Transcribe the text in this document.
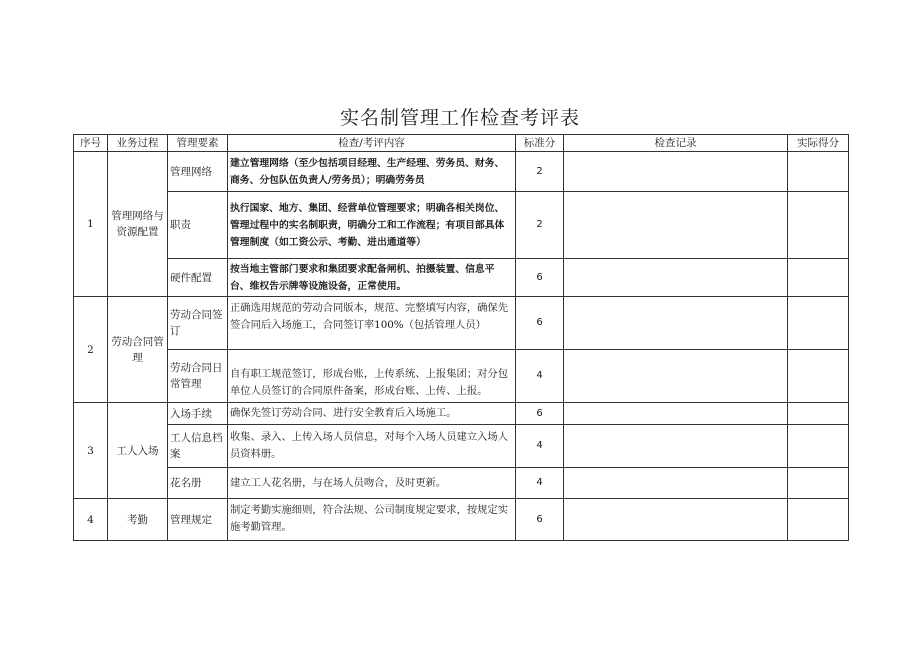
实名制管理工作检查考评表
序号	业务过程	管理要素	检查/考评内容	标准分	检查记录	实际得分
1	管理网络与资源配置	管理网络	建立管理网络（至少包括项目经理、生产经理、劳务员、财务、商务、分包队伍负责人/劳务员）；明确劳务员	2		
		职责	执行国家、地方、集团、经营单位管理要求；明确各相关岗位、管理过程中的实名制职责，明确分工和工作流程；有项目部具体管理制度（如工资公示、考勤、进出通道等）	2		
		硬件配置	按当地主管部门要求和集团要求配备闸机、拍摄装置、信息平台、维权告示牌等设施设备，正常使用。	6		
2	劳动合同管理	劳动合同签订	正确选用规范的劳动合同版本，规范、完整填写内容，确保先签合同后入场施工，合同签订率100%（包括管理人员）	6		
		劳动合同日常管理	自有职工规范签订，形成台账，上传系统、上报集团；对分包单位人员签订的合同原件备案，形成台账、上传、上报。	4		
3	工人入场	入场手续	确保先签订劳动合同、进行安全教育后入场施工。	6		
		工人信息档案	收集、录入、上传入场人员信息，对每个入场人员建立入场人员资料册。	4		
		花名册	建立工人花名册，与在场人员吻合，及时更新。	4		
4	考勤	管理规定	制定考勤实施细则，符合法规、公司制度规定要求，按规定实施考勤管理。	6		
